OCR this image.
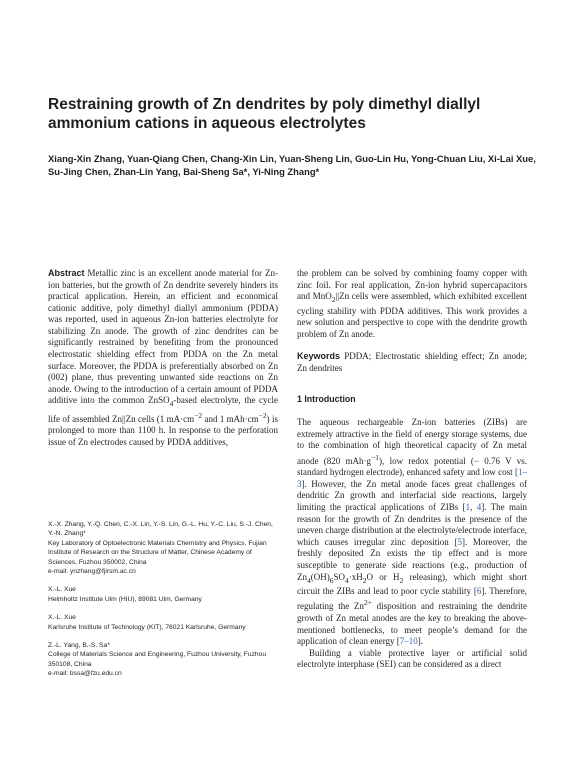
Restraining growth of Zn dendrites by poly dimethyl diallyl ammonium cations in aqueous electrolytes

Xiang-Xin Zhang, Yuan-Qiang Chen, Chang-Xin Lin, Yuan-Sheng Lin, Guo-Lin Hu, Yong-Chuan Liu, Xi-Lai Xue, Su-Jing Chen, Zhan-Lin Yang, Bai-Sheng Sa*, Yi-Ning Zhang*

Abstract Metallic zinc is an excellent anode material for Zn-ion batteries, but the growth of Zn dendrite severely hinders its practical application. Herein, an efficient and economical cationic additive, poly dimethyl diallyl ammonium (PDDA) was reported, used in aqueous Zn-ion batteries electrolyte for stabilizing Zn anode. The growth of zinc dendrites can be significantly restrained by benefiting from the pronounced electrostatic shielding effect from PDDA on the Zn metal surface. Moreover, the PDDA is preferentially absorbed on Zn (002) plane, thus preventing unwanted side reactions on Zn anode. Owing to the introduction of a certain amount of PDDA additive into the common ZnSO$_4$-based electrolyte, the cycle life of assembled Zn||Zn cells (1 $mA\cdot cm^{-2}$ and 1 $mAh\cdot cm^{-2}$) is prolonged to more than 1100 h. In response to the perforation issue of Zn electrodes caused by PDDA additives,

the problem can be solved by combining foamy copper with zinc foil. For real application, Zn-ion hybrid supercapacitors and MnO$_2$||Zn cells were assembled, which exhibited excellent cycling stability with PDDA additives. This work provides a new solution and perspective to cope with the dendrite growth problem of Zn anode.

Keywords PDDA; Electrostatic shielding effect; Zn anode; Zn dendrites

1 Introduction

The aqueous rechargeable Zn-ion batteries (ZIBs) are extremely attractive in the field of energy storage systems, due to the combination of high theoretical capacity of Zn metal anode (820 $mAh\cdot g^{-1}$), low redox potential (− 0.76 V vs. standard hydrogen electrode), enhanced safety and low cost [1–3]. However, the Zn metal anode faces great challenges of dendritic Zn growth and interfacial side reactions, largely limiting the practical applications of ZIBs [1, 4]. The main reason for the growth of Zn dendrites is the presence of the uneven charge distribution at the electrolyte/electrode interface, which causes irregular zinc deposition [5]. Moreover, the freshly deposited Zn exists the tip effect and is more susceptible to generate side reactions (e.g., production of $Zn_4(OH)_6SO_4\cdot xH_2O$ or $H_2$ releasing), which might short circuit the ZIBs and lead to poor cycle stability [6]. Therefore, regulating the $Zn^{2+}$ disposition and restraining the dendrite growth of Zn metal anodes are the key to breaking the above-mentioned bottlenecks, to meet people’s demand for the application of clean energy [7–10].

Building a viable protective layer or artificial solid electrolyte interphase (SEI) can be considered as a direct

X.-X. Zhang, Y.-Q. Chen, C.-X. Lin, Y.-S. Lin, G.-L. Hu, Y.-C. Liu, S.-J. Chen, Y.-N. Zhang*
Key Laboratory of Optoelectronic Materials Chemistry and Physics, Fujian Institute of Research on the Structure of Matter, Chinese Academy of Sciences, Fuzhou 350002, China
e-mail: ynzhang@fjirsm.ac.cn

X.-L. Xue
Helmholtz Institute Ulm (HIU), 89081 Ulm, Germany

X.-L. Xue
Karlsruhe Institute of Technology (KIT), 76021 Karlsruhe, Germany

Z.-L. Yang, B.-S. Sa*
College of Materials Science and Engineering, Fuzhou University, Fuzhou 350108, China
e-mail: bssa@fzu.edu.cn
